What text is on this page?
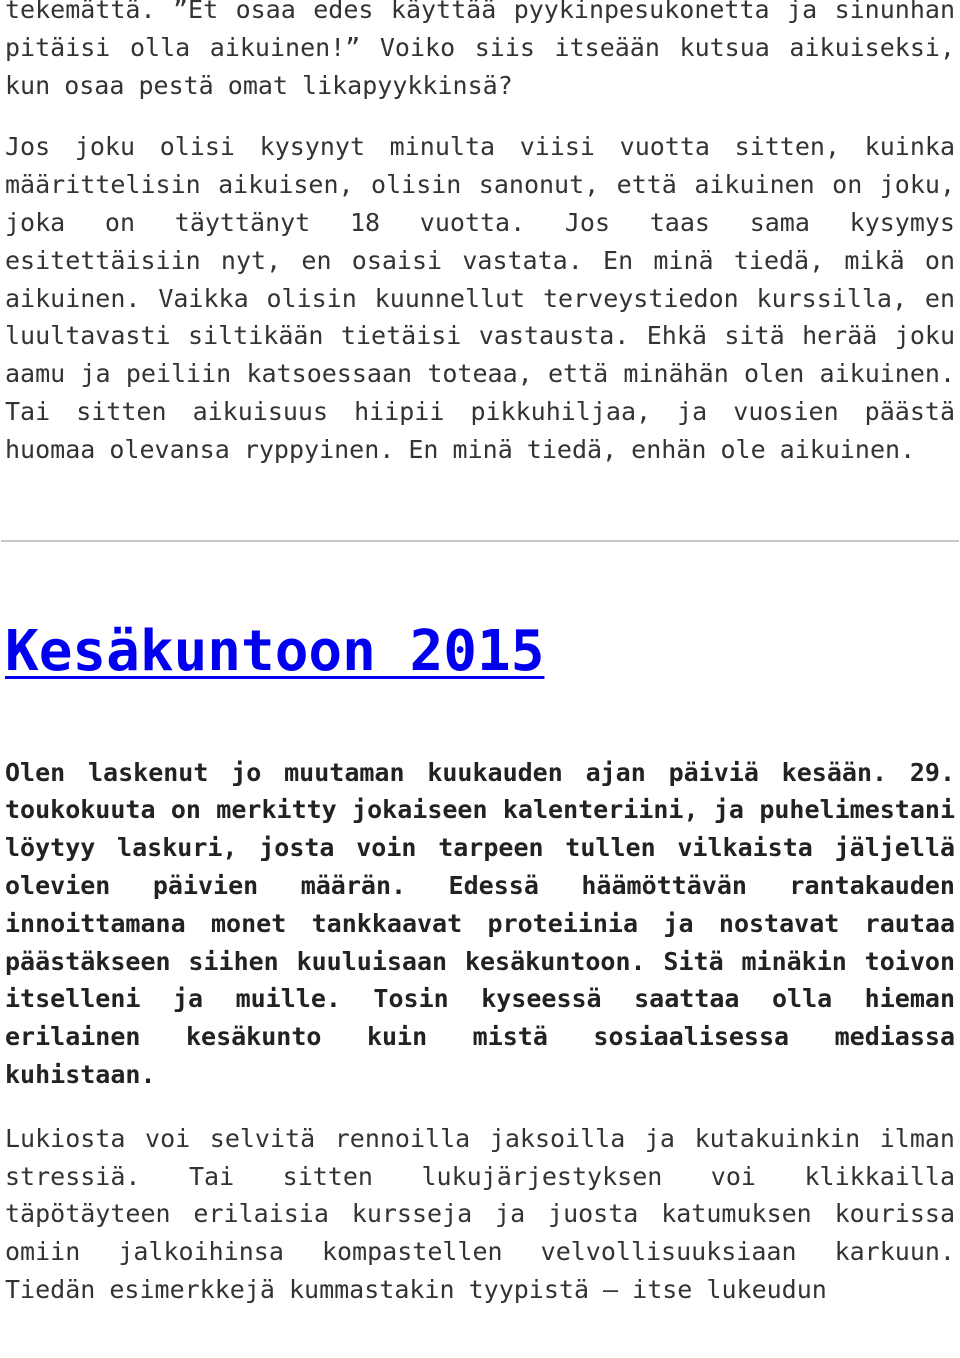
tekemättä. ”Et osaa edes käyttää pyykinpesukonetta ja sinunhan pitäisi olla aikuinen!” Voiko siis itseään kutsua aikuiseksi, kun osaa pestä omat likapyykkinsä?

Jos joku olisi kysynyt minulta viisi vuotta sitten, kuinka määrittelisin aikuisen, olisin sanonut, että aikuinen on joku, joka on täyttänyt 18 vuotta. Jos taas sama kysymys esitettäisiin nyt, en osaisi vastata. En minä tiedä, mikä on aikuinen. Vaikka olisin kuunnellut terveystiedon kurssilla, en luultavasti siltikään tietäisi vastausta. Ehkä sitä herää joku aamu ja peiliin katsoessaan toteaa, että minähän olen aikuinen. Tai sitten aikuisuus hiipii pikkuhiljaa, ja vuosien päästä huomaa olevansa ryppyinen. En minä tiedä, enhän ole aikuinen.

Kesäkuntoon 2015

Olen laskenut jo muutaman kuukauden ajan päiviä kesään. 29. toukokuuta on merkitty jokaiseen kalenteriini, ja puhelimestani löytyy laskuri, josta voin tarpeen tullen vilkaista jäljellä olevien päivien määrän. Edessä häämöttävän rantakauden innoittamana monet tankkaavat proteiinia ja nostavat rautaa päästäkseen siihen kuuluisaan kesäkuntoon. Sitä minäkin toivon itselleni ja muille. Tosin kyseessä saattaa olla hieman erilainen kesäkunto kuin mistä sosiaalisessa mediassa kuhistaan.

Lukiosta voi selvitä rennoilla jaksoilla ja kutakuinkin ilman stressiä. Tai sitten lukujärjestyksen voi klikkailla täpötäyteen erilaisia kursseja ja juosta katumuksen kourissa omiin jalkoihinsa kompastellen velvollisuuksiaan karkuun. Tiedän esimerkkejä kummastakin tyypistä – itse lukeudun
